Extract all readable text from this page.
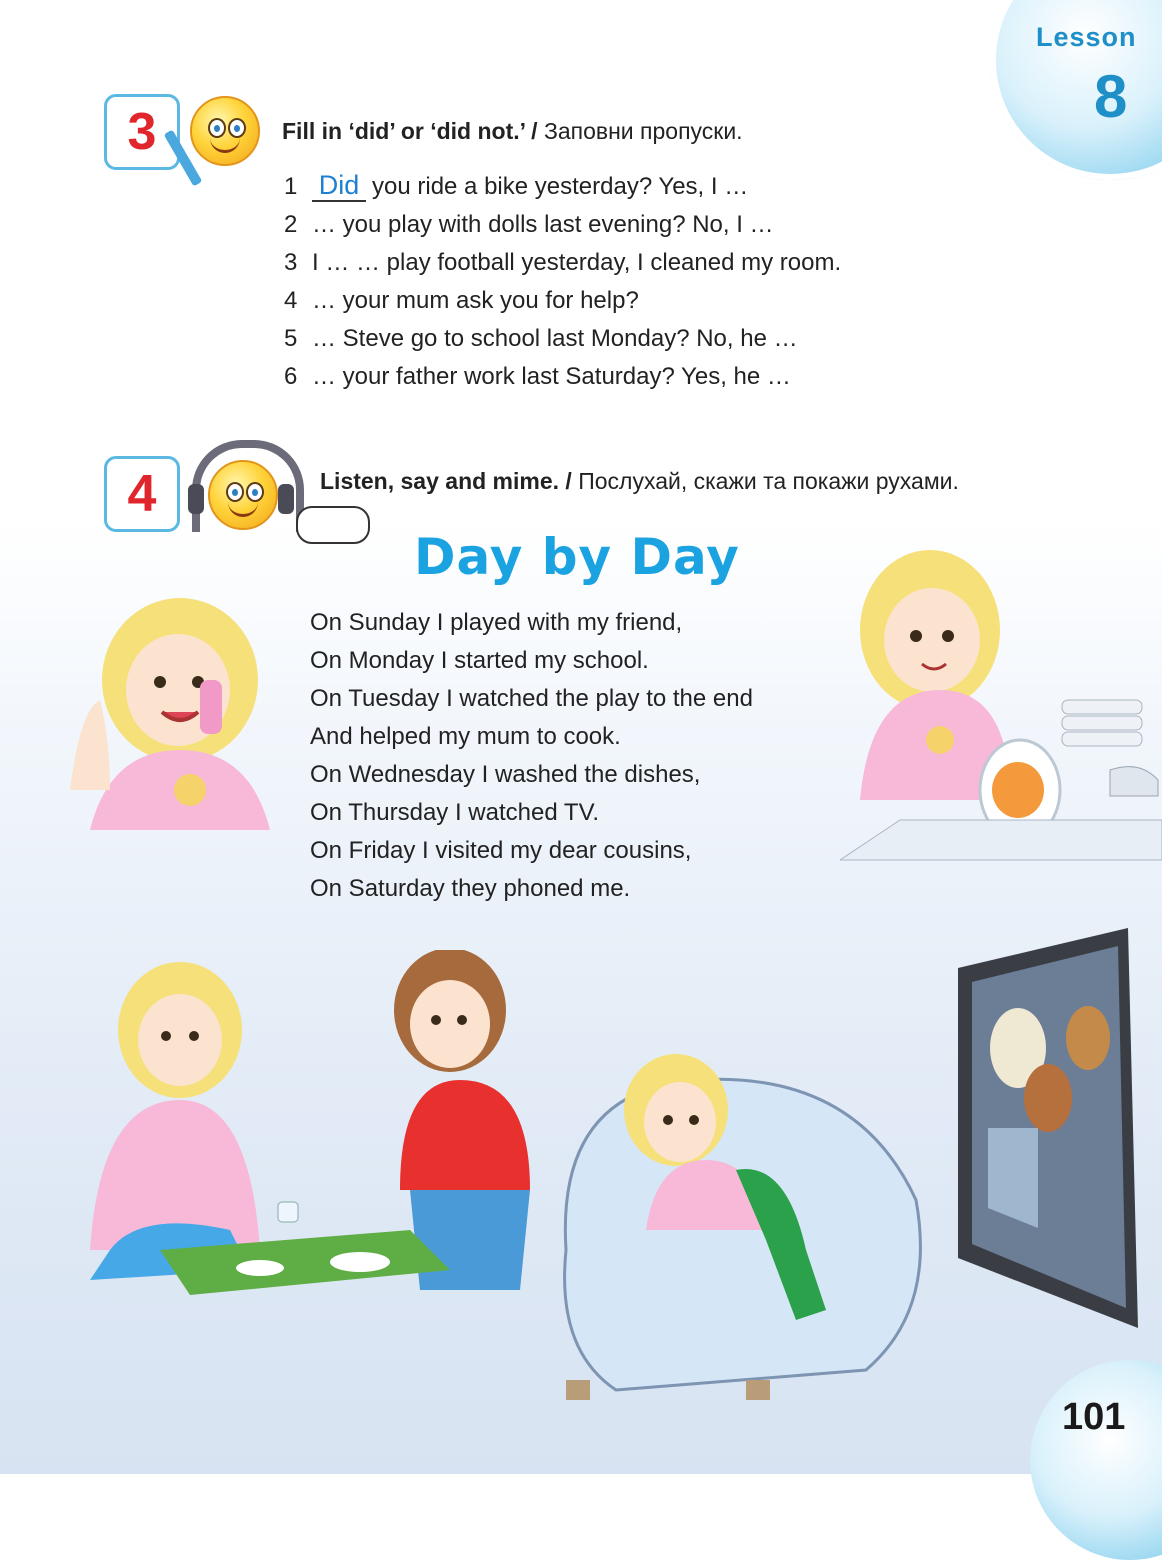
Lesson
8
3	Fill in ‘did’ or ‘did not.’ / Заповни пропуски.
1 Did you ride a bike yesterday? Yes, I …
2 … you play with dolls last evening? No, I …
3 I … … play football yesterday, I cleaned my room.
4 … your mum ask you for help?
5 … Steve go to school last Monday? No, he …
6 … your father work last Saturday? Yes, he …
4	Listen, say and mime. / Послухай, скажи та покажи рухами.
Day by Day
On Sunday I played with my friend,
On Monday I started my school.
On Tuesday I watched the play to the end
And helped my mum to cook.
On Wednesday I washed the dishes,
On Thursday I watched TV.
On Friday I visited my dear cousins,
On Saturday they phoned me.
101
